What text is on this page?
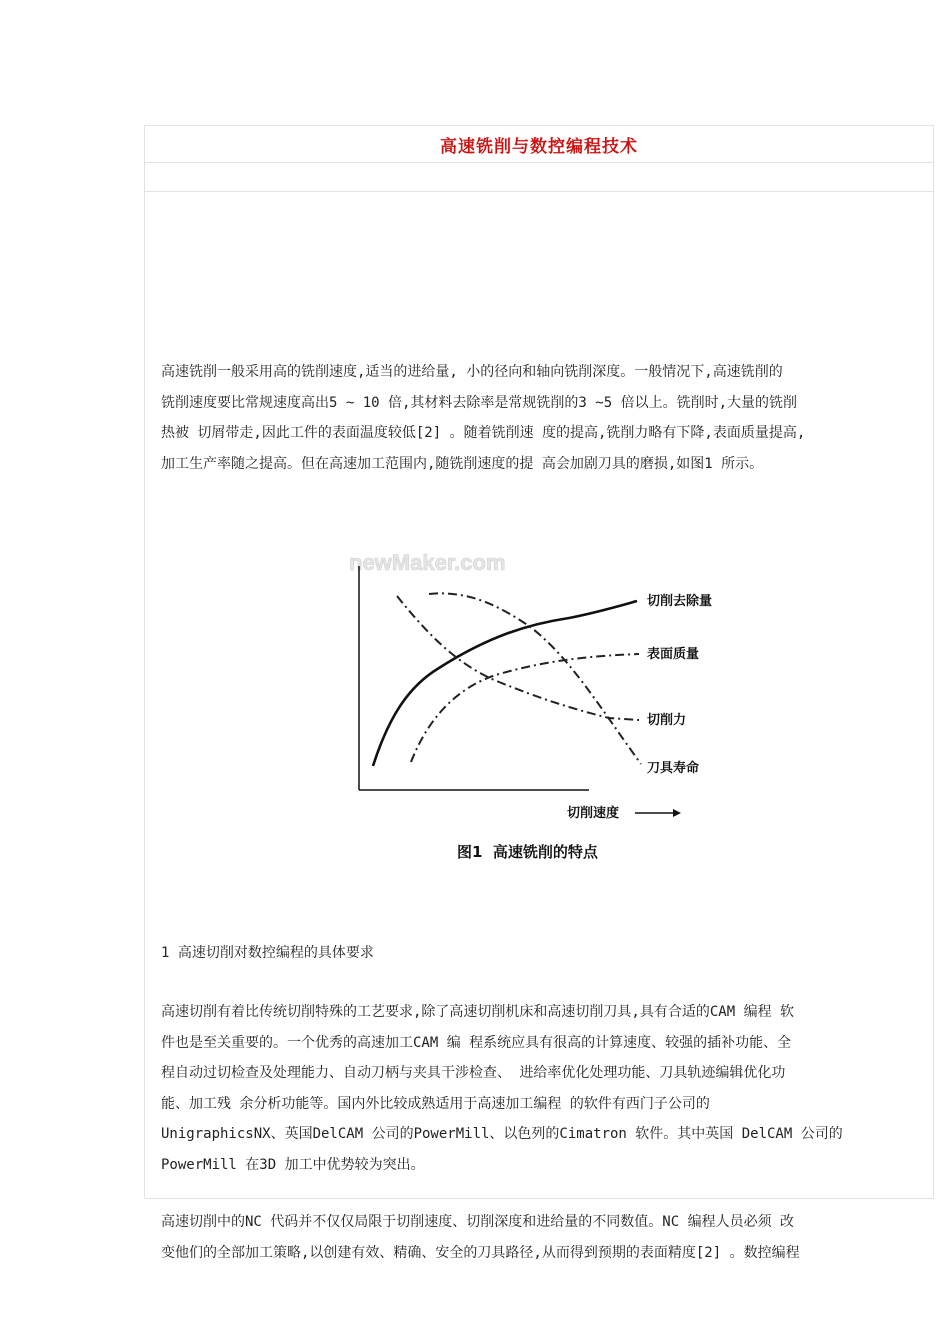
高速铣削与数控编程技术

高速铣削一般采用高的铣削速度,适当的进给量, 小的径向和轴向铣削深度。一般情况下,高速铣削的
铣削速度要比常规速度高出5 ~ 10 倍,其材料去除率是常规铣削的3 ~5 倍以上。铣削时,大量的铣削
热被 切屑带走,因此工件的表面温度较低[2] 。随着铣削速 度的提高,铣削力略有下降,表面质量提高,
加工生产率随之提高。但在高速加工范围内,随铣削速度的提 高会加剧刀具的磨损,如图1 所示。

newMaker.com
切削去除量
表面质量
切削力
刀具寿命
切削速度
图1  高速铣削的特点

1 高速切削对数控编程的具体要求

高速切削有着比传统切削特殊的工艺要求,除了高速切削机床和高速切削刀具,具有合适的CAM 编程 软
件也是至关重要的。一个优秀的高速加工CAM 编 程系统应具有很高的计算速度、较强的插补功能、全
程自动过切检查及处理能力、自动刀柄与夹具干涉检查、 进给率优化处理功能、刀具轨迹编辑优化功
能、加工残 余分析功能等。国内外比较成熟适用于高速加工编程 的软件有西门子公司的
UnigraphicsNX、英国DelCAM 公司的PowerMill、以色列的Cimatron 软件。其中英国 DelCAM 公司的
PowerMill 在3D 加工中优势较为突出。

高速切削中的NC 代码并不仅仅局限于切削速度、切削深度和进给量的不同数值。NC 编程人员必须 改
变他们的全部加工策略,以创建有效、精确、安全的刀具路径,从而得到预期的表面精度[2] 。数控编程
